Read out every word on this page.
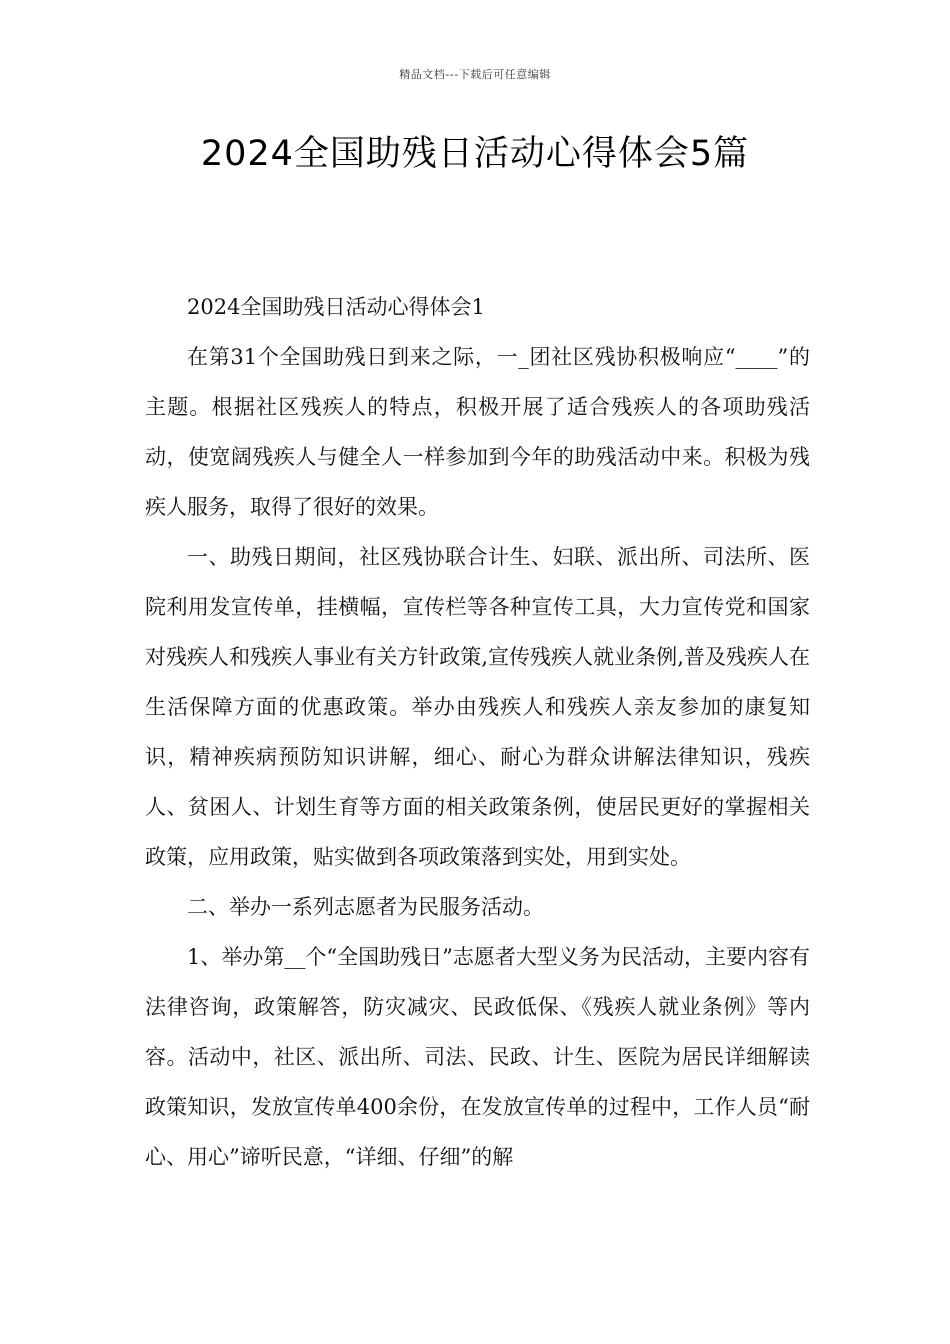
精品文档---下载后可任意编辑
2024全国助残日活动心得体会5篇

2024全国助残日活动心得体会1

在第31个全国助残日到来之际，一_团社区残协积极响应“____”的主题。根据社区残疾人的特点，积极开展了适合残疾人的各项助残活动，使宽阔残疾人与健全人一样参加到今年的助残活动中来。积极为残疾人服务，取得了很好的效果。

一、助残日期间，社区残协联合计生、妇联、派出所、司法所、医院利用发宣传单，挂横幅，宣传栏等各种宣传工具，大力宣传党和国家对残疾人和残疾人事业有关方针政策,宣传残疾人就业条例,普及残疾人在生活保障方面的优惠政策。举办由残疾人和残疾人亲友参加的康复知识，精神疾病预防知识讲解，细心、耐心为群众讲解法律知识，残疾人、贫困人、计划生育等方面的相关政策条例，使居民更好的掌握相关政策，应用政策，贴实做到各项政策落到实处，用到实处。

二、举办一系列志愿者为民服务活动。

1、举办第__个“全国助残日”志愿者大型义务为民活动，主要内容有法律咨询，政策解答，防灾减灾、民政低保、《残疾人就业条例》等内容。活动中，社区、派出所、司法、民政、计生、医院为居民详细解读政策知识，发放宣传单400余份，在发放宣传单的过程中，工作人员“耐心、用心”谛听民意，“详细、仔细”的解
